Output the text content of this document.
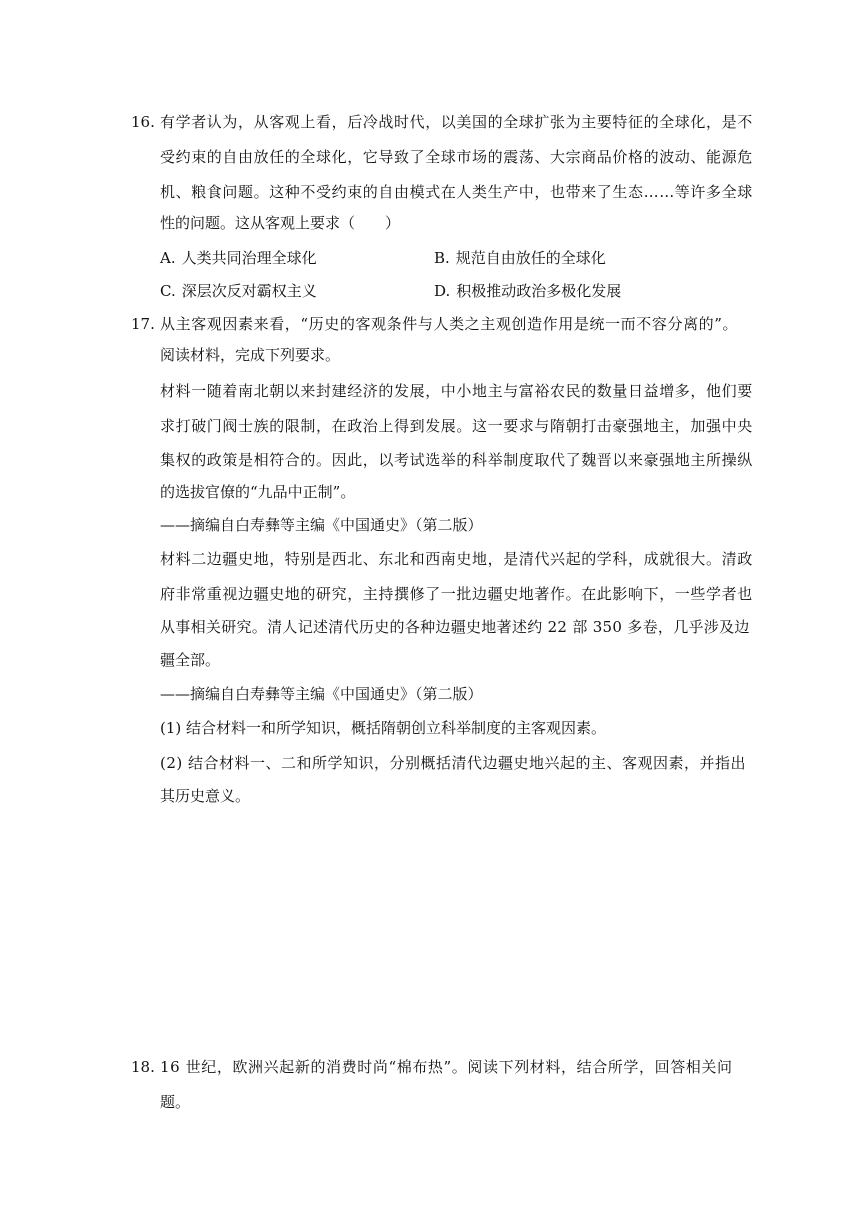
16. 有学者认为，从客观上看，后冷战时代，以美国的全球扩张为主要特征的全球化，是不
受约束的自由放任的全球化，它导致了全球市场的震荡、大宗商品价格的波动、能源危
机、粮食问题。这种不受约束的自由模式在人类生产中，也带来了生态……等许多全球
性的问题。这从客观上要求（　　）
A. 人类共同治理全球化	B. 规范自由放任的全球化
C. 深层次反对霸权主义	D. 积极推动政治多极化发展
17. 从主客观因素来看，“历史的客观条件与人类之主观创造作用是统一而不容分离的”。
阅读材料，完成下列要求。
材料一随着南北朝以来封建经济的发展，中小地主与富裕农民的数量日益增多，他们要
求打破门阀士族的限制，在政治上得到发展。这一要求与隋朝打击豪强地主，加强中央
集权的政策是相符合的。因此，以考试选举的科举制度取代了魏晋以来豪强地主所操纵
的选拔官僚的“九品中正制”。
——摘编自白寿彝等主编《中国通史》（第二版）
材料二边疆史地，特别是西北、东北和西南史地，是清代兴起的学科，成就很大。清政
府非常重视边疆史地的研究，主持撰修了一批边疆史地著作。在此影响下，一些学者也
从事相关研究。清人记述清代历史的各种边疆史地著述约 22 部 350 多卷，几乎涉及边
疆全部。
——摘编自白寿彝等主编《中国通史》（第二版）
(1) 结合材料一和所学知识，概括隋朝创立科举制度的主客观因素。
(2) 结合材料一、二和所学知识，分别概括清代边疆史地兴起的主、客观因素，并指出
其历史意义。
18. 16 世纪，欧洲兴起新的消费时尚“棉布热”。阅读下列材料，结合所学，回答相关问
题。
